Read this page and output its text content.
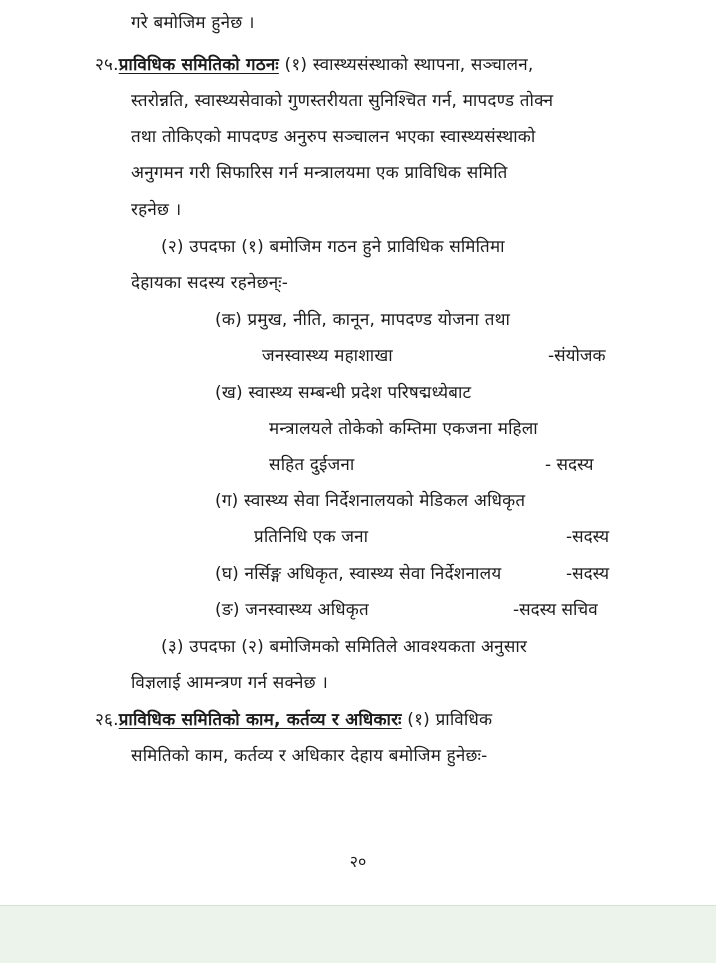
गरे बमोजिम हुनेछ ।
२५.प्राविधिक समितिको गठनः (१) स्वास्थ्यसंस्थाको स्थापना, सञ्चालन,
स्तरोन्नति, स्वास्थ्यसेवाको गुणस्तरीयता सुनिश्चित गर्न, मापदण्ड तोक्न
तथा तोकिएको मापदण्ड अनुरुप सञ्चालन भएका स्वास्थ्यसंस्थाको
अनुगमन गरी सिफारिस गर्न मन्त्रालयमा एक प्राविधिक समिति
रहनेछ ।
(२) उपदफा (१) बमोजिम गठन हुने प्राविधिक समितिमा
देहायका सदस्य रहनेछन्ः-
(क) प्रमुख, नीति, कानून, मापदण्ड योजना तथा
जनस्वास्थ्य महाशाखा	-संयोजक
(ख) स्वास्थ्य सम्बन्धी प्रदेश परिषद्मध्येबाट
मन्त्रालयले तोकेको कम्तिमा एकजना महिला
सहित दुईजना	- सदस्य
(ग) स्वास्थ्य सेवा निर्देशनालयको मेडिकल अधिकृत
प्रतिनिधि एक जना	-सदस्य
(घ) नर्सिङ्ग अधिकृत, स्वास्थ्य सेवा निर्देशनालय	-सदस्य
(ङ) जनस्वास्थ्य अधिकृत	-सदस्य सचिव
(३) उपदफा (२) बमोजिमको समितिले आवश्यकता अनुसार
विज्ञलाई आमन्त्रण गर्न सक्नेछ ।
२६.प्राविधिक समितिको काम, कर्तव्य र अधिकारः (१) प्राविधिक
समितिको काम, कर्तव्य र अधिकार देहाय बमोजिम हुनेछः-
२०
